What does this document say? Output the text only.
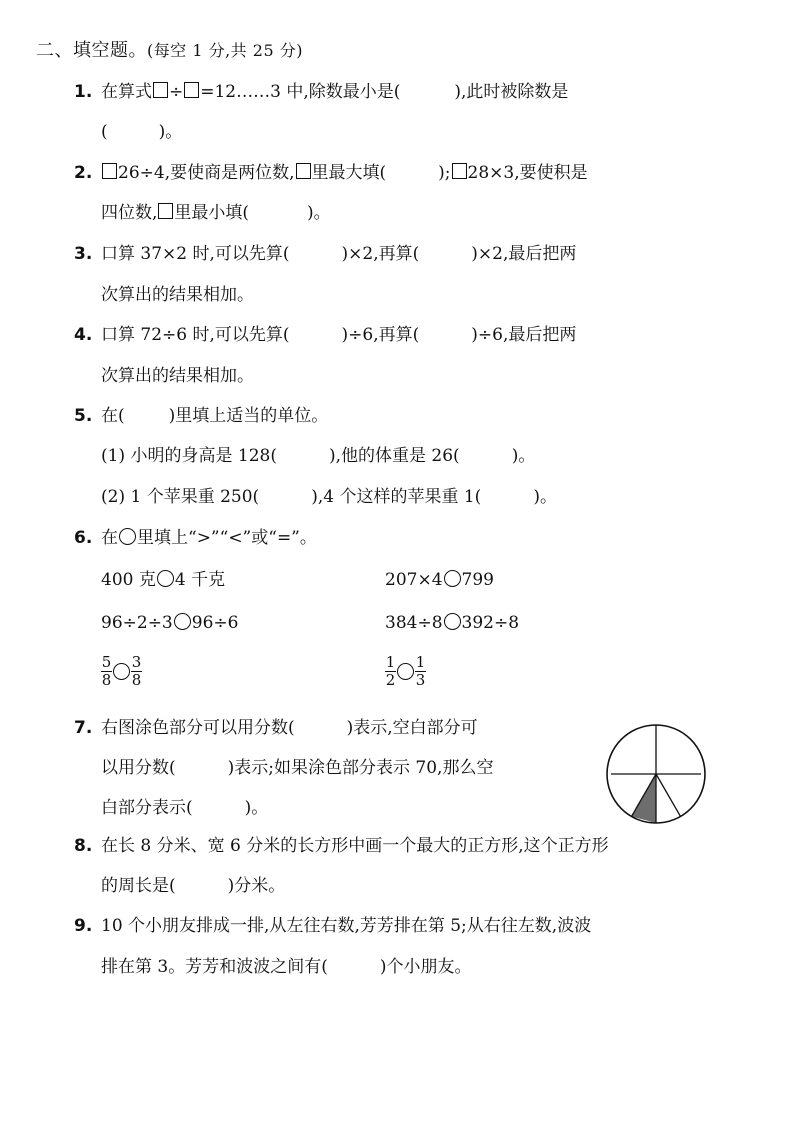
二、填空题。(每空 1 分,共 25 分)
1. 在算式 ÷ =12……3 中,除数最小是(	),此时被除数是
(　　　)。
2.	26÷4,要使商是两位数, 里最大填(	); 28×3,要使积是
四位数, 里最小填(	)。
3. 口算 37×2 时,可以先算(	)×2,再算(	)×2,最后把两
次算出的结果相加。
4. 口算 72÷6 时,可以先算(	)÷6,再算(	)÷6,最后把两
次算出的结果相加。
5. 在(	)里填上适当的单位。
(1) 小明的身高是 128(	),他的体重是 26(	)。
(2) 1 个苹果重 250(	),4 个这样的苹果重 1(	)。
6. 在 里填上“>”“<”或“=”。
400 克 4 千克	207×4 799
96÷2÷3 96÷6	384÷8 392÷8
$\frac{5}{8} \frac{3}{8}$	$\frac{1}{2} \frac{1}{3}$
7. 右图涂色部分可以用分数(	)表示,空白部分可
以用分数(	)表示;如果涂色部分表示 70,那么空
白部分表示(	)。
8. 在长 8 分米、宽 6 分米的长方形中画一个最大的正方形,这个正方形
的周长是(	)分米。
9. 10 个小朋友排成一排,从左往右数,芳芳排在第 5;从右往左数,波波
排在第 3。芳芳和波波之间有(	)个小朋友。
